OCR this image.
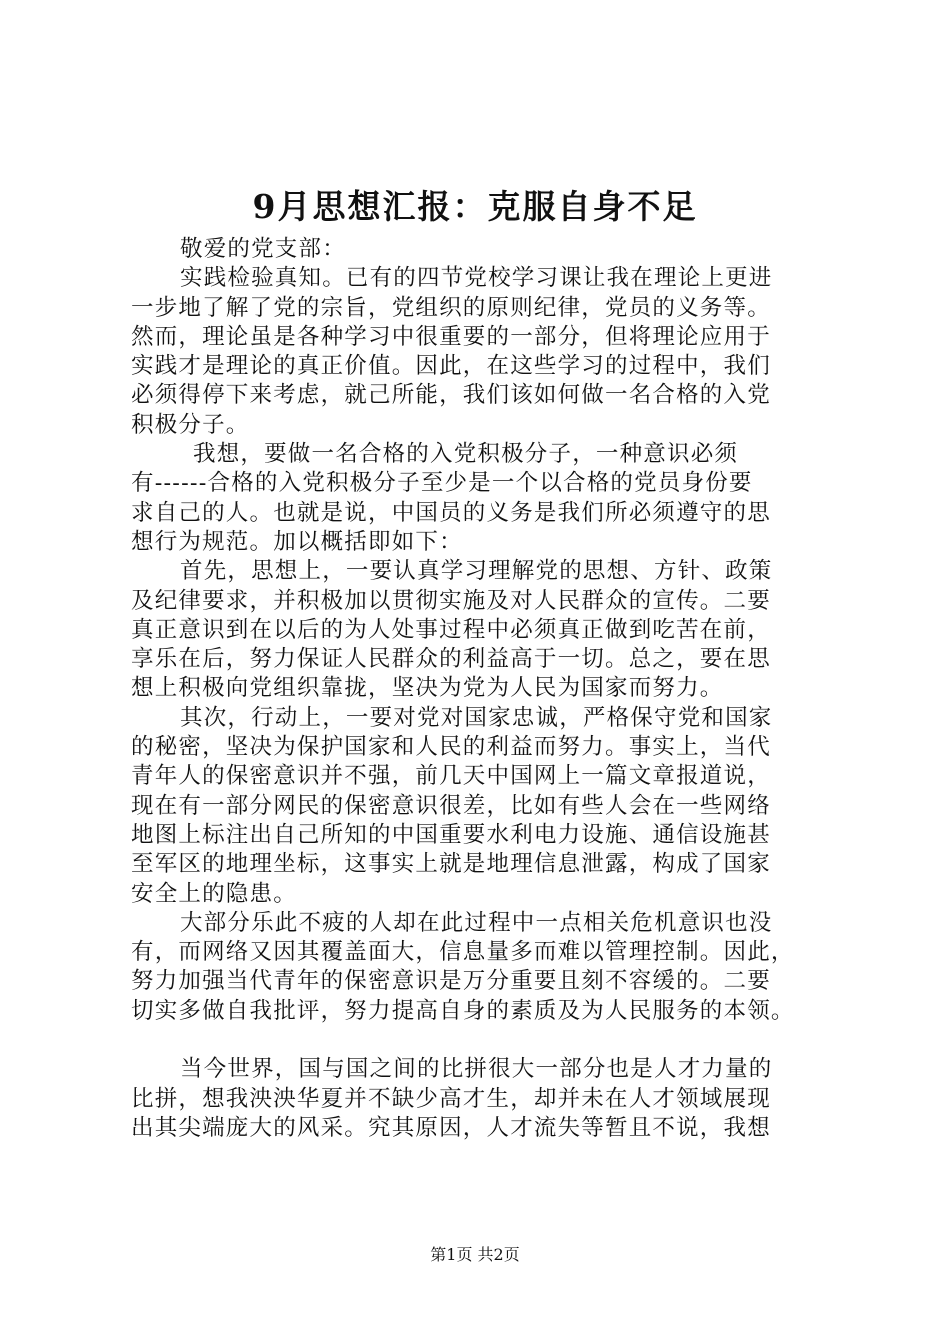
9月思想汇报：克服自身不足
敬爱的党支部：
实践检验真知。已有的四节党校学习课让我在理论上更进
一步地了解了党的宗旨，党组织的原则纪律，党员的义务等。
然而，理论虽是各种学习中很重要的一部分，但将理论应用于
实践才是理论的真正价值。因此，在这些学习的过程中，我们
必须得停下来考虑，就己所能，我们该如何做一名合格的入党
积极分子。
我想，要做一名合格的入党积极分子，一种意识必须
有------合格的入党积极分子至少是一个以合格的党员身份要
求自己的人。也就是说，中国员的义务是我们所必须遵守的思
想行为规范。加以概括即如下：
首先，思想上，一要认真学习理解党的思想、方针、政策
及纪律要求，并积极加以贯彻实施及对人民群众的宣传。二要
真正意识到在以后的为人处事过程中必须真正做到吃苦在前，
享乐在后，努力保证人民群众的利益高于一切。总之，要在思
想上积极向党组织靠拢，坚决为党为人民为国家而努力。
其次，行动上，一要对党对国家忠诚，严格保守党和国家
的秘密，坚决为保护国家和人民的利益而努力。事实上，当代
青年人的保密意识并不强，前几天中国网上一篇文章报道说，
现在有一部分网民的保密意识很差，比如有些人会在一些网络
地图上标注出自己所知的中国重要水利电力设施、通信设施甚
至军区的地理坐标，这事实上就是地理信息泄露，构成了国家
安全上的隐患。
大部分乐此不疲的人却在此过程中一点相关危机意识也没
有，而网络又因其覆盖面大，信息量多而难以管理控制。因此，
努力加强当代青年的保密意识是万分重要且刻不容缓的。二要
切实多做自我批评，努力提高自身的素质及为人民服务的本领。
当今世界，国与国之间的比拼很大一部分也是人才力量的
比拼，想我泱泱华夏并不缺少高才生，却并未在人才领域展现
出其尖端庞大的风采。究其原因，人才流失等暂且不说，我想
第1页 共2页
